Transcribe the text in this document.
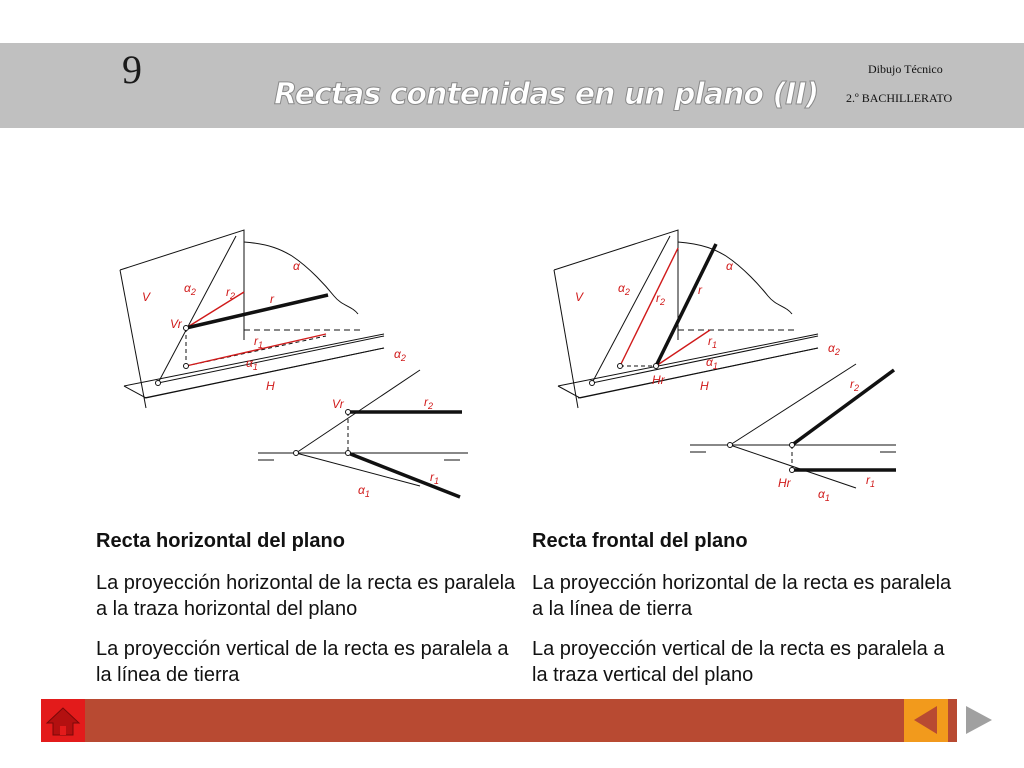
9
Rectas contenidas en un plano (II)
Dibujo Técnico
2.º BACHILLERATO
α
$\alpha_2$	$r_2$	r
V
Vr
$r_1$
$\alpha_1$
H
$\alpha_2$
Vr	$r_2$
$r_1$
$\alpha_1$
α
$\alpha_2$ $r_2$
r
V
$r_1$
$\alpha_1$
Hr	H
$\alpha_2$
$r_2$
Hr	$r_1$
$\alpha_1$
Recta horizontal del plano
La proyección horizontal de la recta es paralela a la traza horizontal del plano
La proyección vertical de la recta es paralela a la línea de tierra
Recta frontal del plano
La proyección horizontal de la recta es paralela a la línea de tierra
La proyección vertical de la recta es paralela a la traza vertical del plano
